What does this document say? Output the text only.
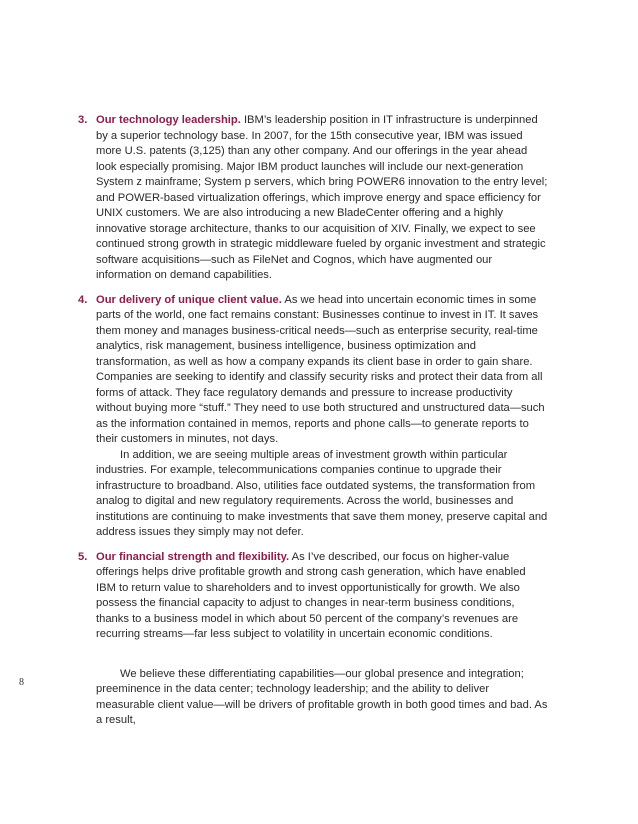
8
3. Our technology leadership. IBM’s leadership position in IT infrastructure is underpinned by a superior technology base. In 2007, for the 15th consecutive year, IBM was issued more U.S. patents (3,125) than any other company. And our offerings in the year ahead look especially promising. Major IBM product launches will include our next-generation System z mainframe; System p servers, which bring POWER6 innovation to the entry level; and POWER-based virtualization offerings, which improve energy and space efficiency for UNIX customers. We are also introducing a new BladeCenter offering and a highly innovative storage architecture, thanks to our acquisition of XIV. Finally, we expect to see continued strong growth in strategic middleware fueled by organic investment and strategic software acquisitions—such as FileNet and Cognos, which have augmented our information on demand capabilities.

4. Our delivery of unique client value. As we head into uncertain economic times in some parts of the world, one fact remains constant: Businesses continue to invest in IT. It saves them money and manages business-critical needs—such as enterprise security, real-time analytics, risk management, business intelligence, business optimization and transformation, as well as how a company expands its client base in order to gain share. Companies are seeking to identify and classify security risks and protect their data from all forms of attack. They face regulatory demands and pressure to increase productivity without buying more “stuff.” They need to use both structured and unstructured data—such as the information contained in memos, reports and phone calls—to generate reports to their customers in minutes, not days.

In addition, we are seeing multiple areas of investment growth within particular industries. For example, telecommunications companies continue to upgrade their infrastructure to broadband. Also, utilities face outdated systems, the transformation from analog to digital and new regulatory requirements. Across the world, businesses and institutions are continuing to make investments that save them money, preserve capital and address issues they simply may not defer.

5. Our financial strength and flexibility. As I’ve described, our focus on higher-value offerings helps drive profitable growth and strong cash generation, which have enabled IBM to return value to shareholders and to invest opportunistically for growth. We also possess the financial capacity to adjust to changes in near-term business conditions, thanks to a business model in which about 50 percent of the company’s revenues are recurring streams—far less subject to volatility in uncertain economic conditions.

We believe these differentiating capabilities—our global presence and integration; preeminence in the data center; technology leadership; and the ability to deliver measurable client value—will be drivers of profitable growth in both good times and bad. As a result,
